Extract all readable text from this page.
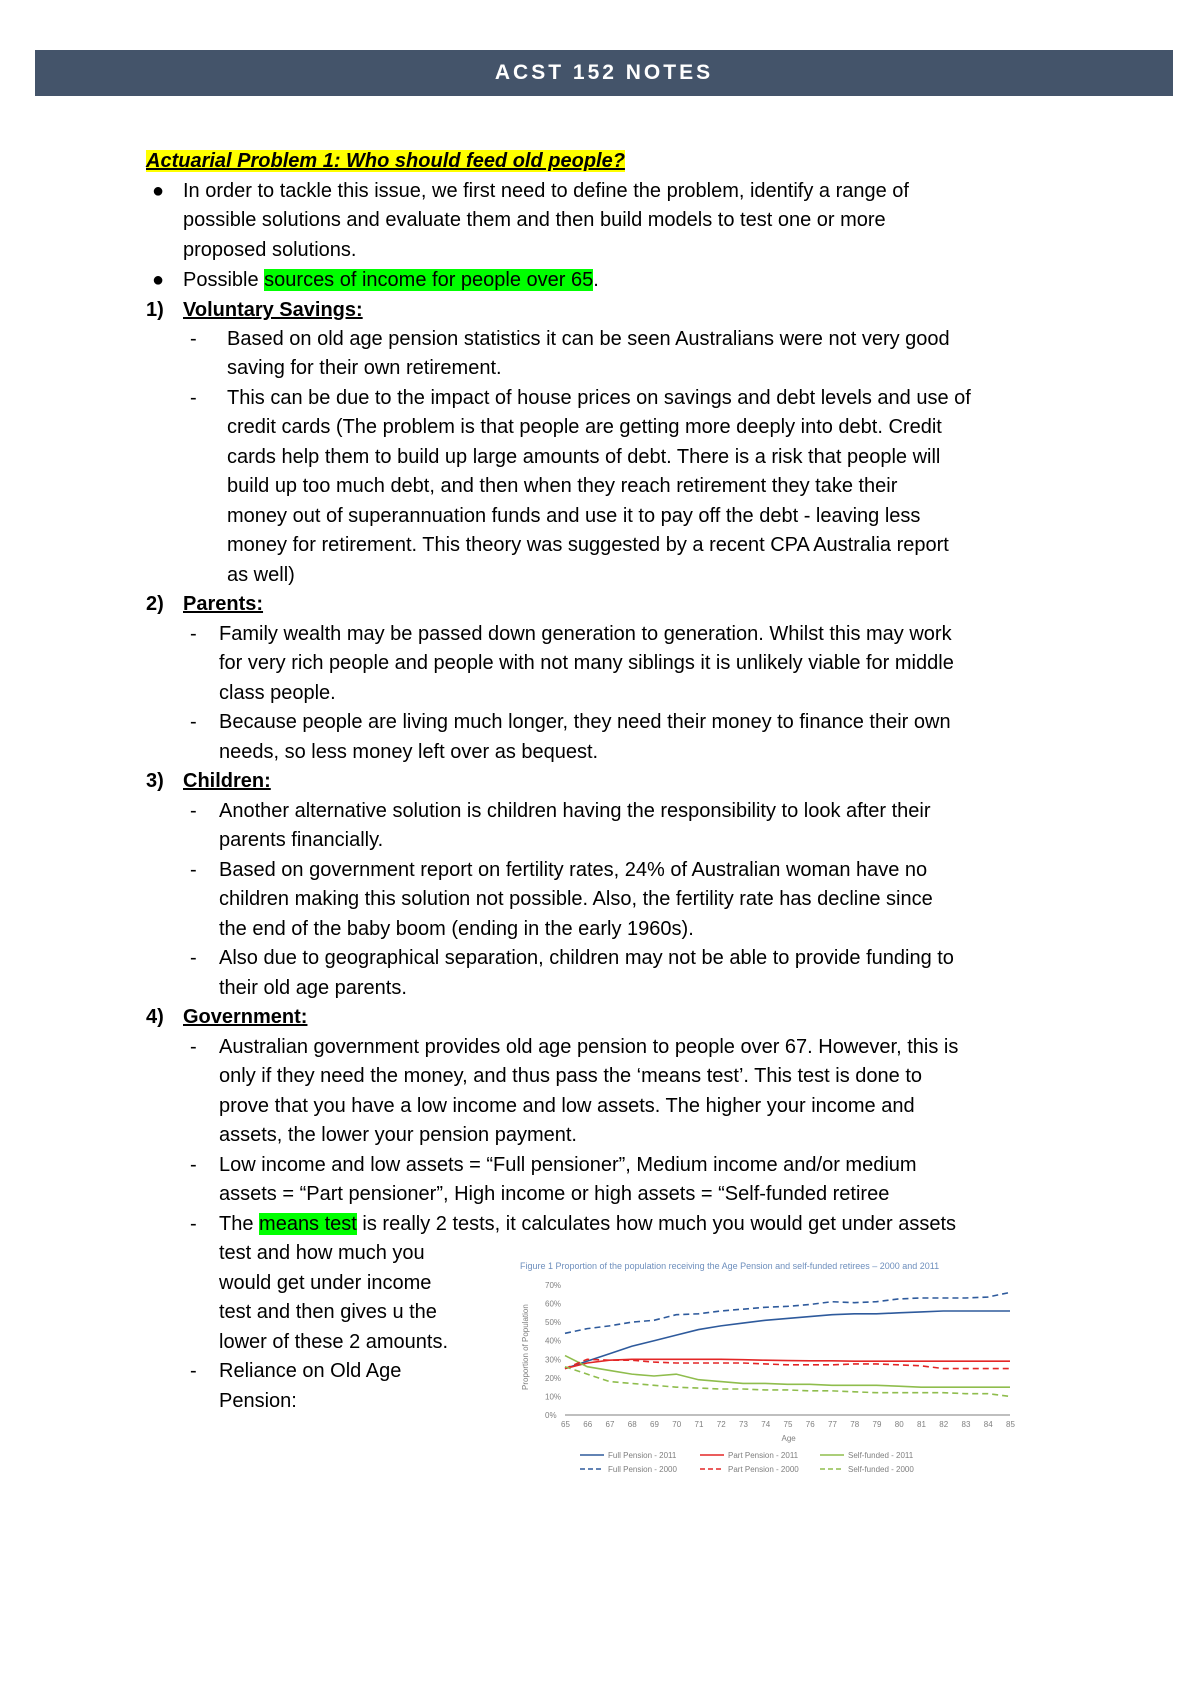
ACST 152 NOTES
Actuarial Problem 1: Who should feed old people?
● In order to tackle this issue, we first need to define the problem, identify a range of
possible solutions and evaluate them and then build models to test one or more
proposed solutions.
● Possible sources of income for people over 65.
1) Voluntary Savings:
- Based on old age pension statistics it can be seen Australians were not very good
saving for their own retirement.
- This can be due to the impact of house prices on savings and debt levels and use of
credit cards (The problem is that people are getting more deeply into debt. Credit
cards help them to build up large amounts of debt. There is a risk that people will
build up too much debt, and then when they reach retirement they take their
money out of superannuation funds and use it to pay off the debt - leaving less
money for retirement. This theory was suggested by a recent CPA Australia report
as well)
2) Parents:
- Family wealth may be passed down generation to generation. Whilst this may work
for very rich people and people with not many siblings it is unlikely viable for middle
class people.
- Because people are living much longer, they need their money to finance their own
needs, so less money left over as bequest.
3) Children:
- Another alternative solution is children having the responsibility to look after their
parents financially.
- Based on government report on fertility rates, 24% of Australian woman have no
children making this solution not possible. Also, the fertility rate has decline since
the end of the baby boom (ending in the early 1960s).
- Also due to geographical separation, children may not be able to provide funding to
their old age parents.
4) Government:
- Australian government provides old age pension to people over 67. However, this is
only if they need the money, and thus pass the ‘means test’. This test is done to
prove that you have a low income and low assets. The higher your income and
assets, the lower your pension payment.
- Low income and low assets = “Full pensioner”, Medium income and/or medium
assets = “Part pensioner”, High income or high assets = “Self-funded retiree
- The means test is really 2 tests, it calculates how much you would get under assets
test and how much you
would get under income
test and then gives u the
lower of these 2 amounts.
- Reliance on Old Age
Pension:
Figure 1 Proportion of the population receiving the Age Pension and self-funded retirees – 2000 and 2011
Proportion of Population
Age
0%
10%
20%
30%
40%
50%
60%
70%
65 66 67 68 69 70 71 72 73 74 75 76 77 78 79 80 81 82 83 84 85
Full Pension - 2011	Part Pension - 2011	Self-funded - 2011
Full Pension - 2000	Part Pension - 2000	Self-funded - 2000
